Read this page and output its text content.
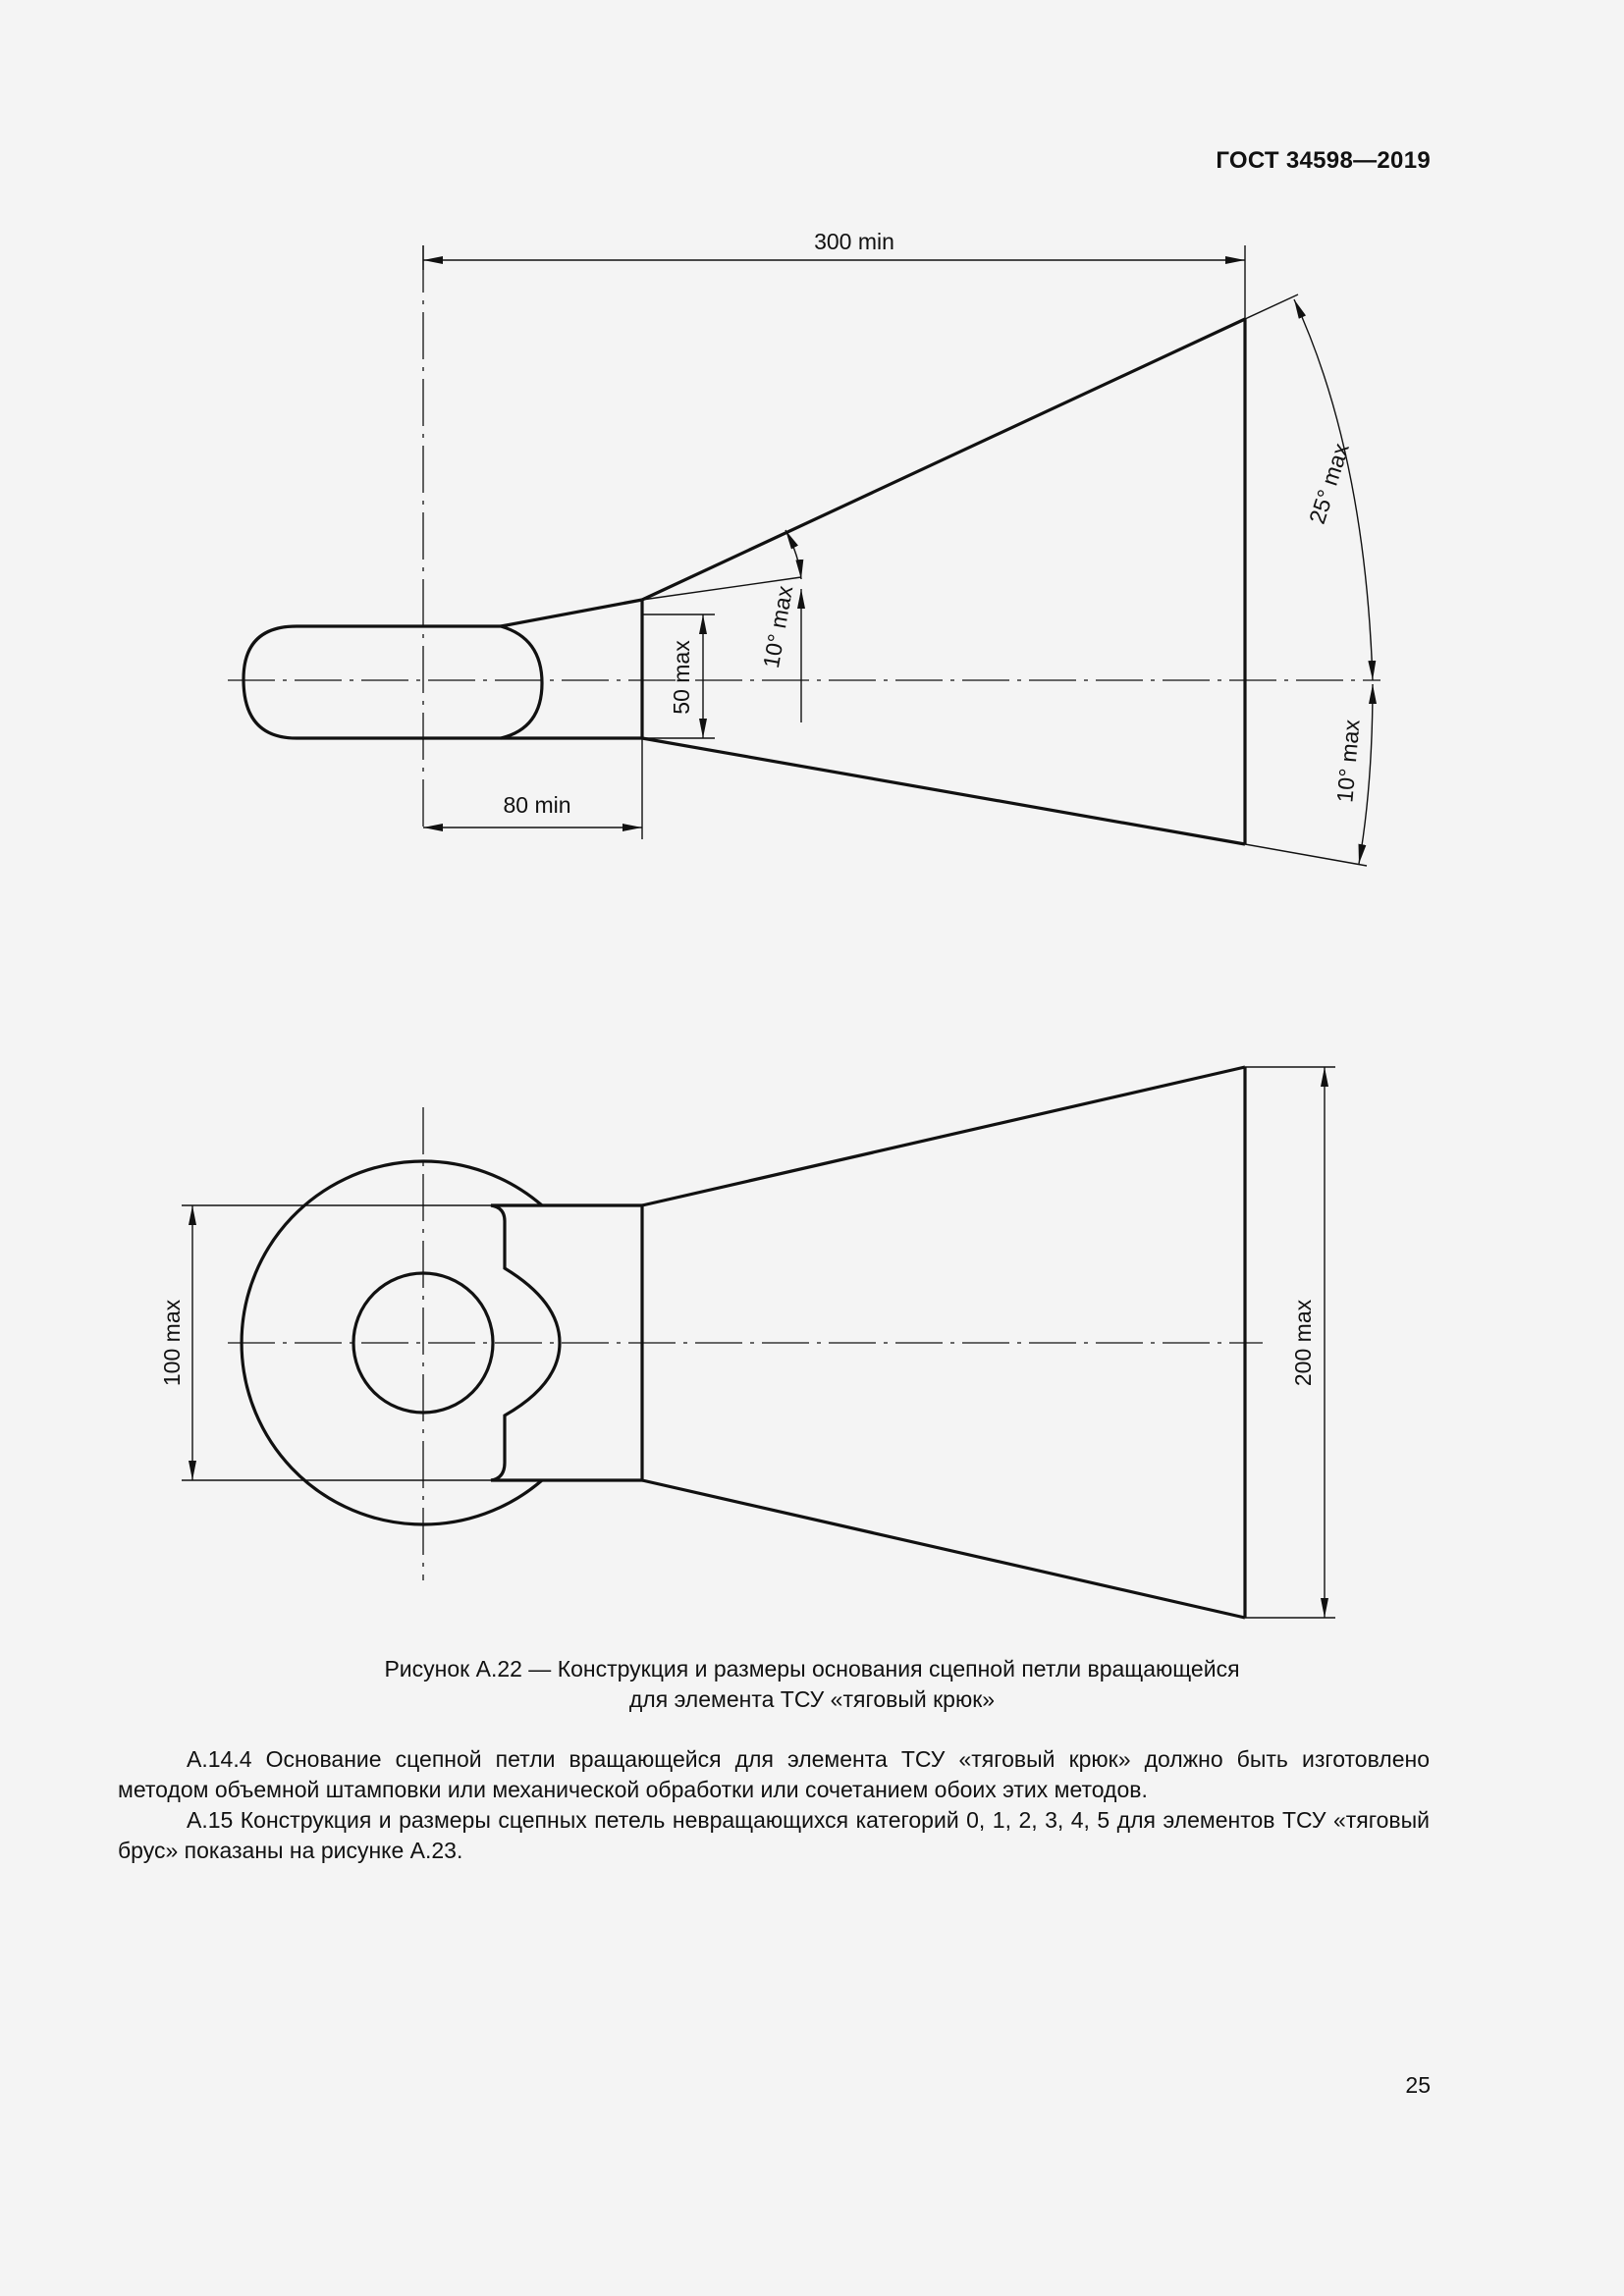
ГОСТ 34598—2019
300 min
80 min
50 max
10° max
25° max
10° max
100 max	200 max
Рисунок А.22 — Конструкция и размеры основания сцепной петли вращающейся
для элемента ТСУ «тяговый крюк»

А.14.4 Основание сцепной петли вращающейся для элемента ТСУ «тяговый крюк» должно быть изготовлено методом объемной штамповки или механической обработки или сочетанием обоих этих методов.

А.15 Конструкция и размеры сцепных петель невращающихся категорий 0, 1, 2, 3, 4, 5 для элементов ТСУ «тяговый брус» показаны на рисунке А.23.

25
